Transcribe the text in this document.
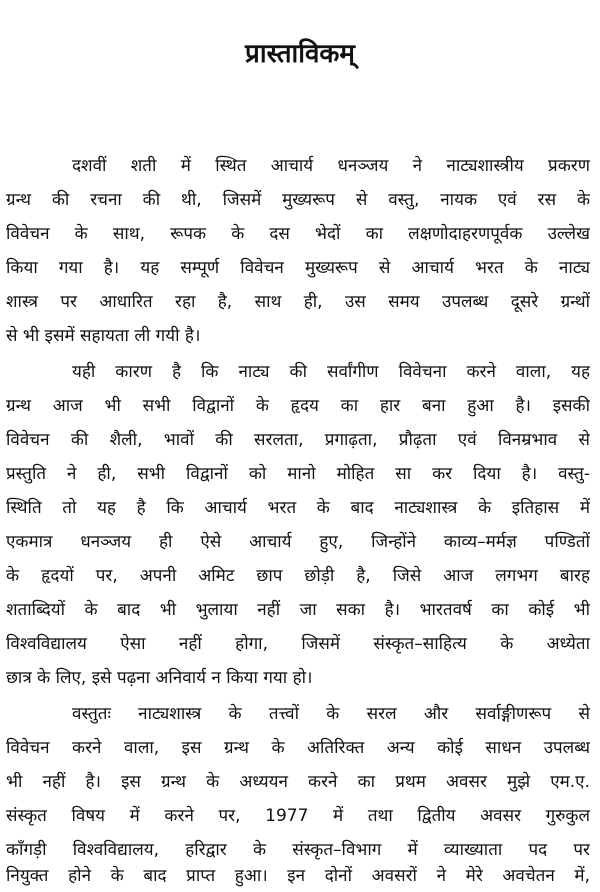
प्रास्ताविकम्
दशवीं शती में स्थित आचार्य धनञ्जय ने नाट्यशास्त्रीय प्रकरण
ग्रन्थ की रचना की थी, जिसमें मुख्यरूप से वस्तु, नायक एवं रस के
विवेचन के साथ, रूपक के दस भेदों का लक्षणोदाहरणपूर्वक उल्लेख
किया गया है। यह सम्पूर्ण विवेचन मुख्यरूप से आचार्य भरत के नाट्य
शास्त्र पर आधारित रहा है, साथ ही, उस समय उपलब्ध दूसरे ग्रन्थों
से भी इसमें सहायता ली गयी है।
यही कारण है कि नाट्य की सर्वांगीण विवेचना करने वाला, यह
ग्रन्थ आज भी सभी विद्वानों के हृदय का हार बना हुआ है। इसकी
विवेचन की शैली, भावों की सरलता, प्रगाढ़ता, प्रौढ़ता एवं विनम्रभाव से
प्रस्तुति ने ही, सभी विद्वानों को मानो मोहित सा कर दिया है। वस्तु-
स्थिति तो यह है कि आचार्य भरत के बाद नाट्यशास्त्र के इतिहास में
एकमात्र धनञ्जय ही ऐसे आचार्य हुए, जिन्होंने काव्य–मर्मज्ञ पण्डितों
के हृदयों पर, अपनी अमिट छाप छोड़ी है, जिसे आज लगभग बारह
शताब्दियों के बाद भी भुलाया नहीं जा सका है। भारतवर्ष का कोई भी
विश्वविद्यालय ऐसा नहीं होगा, जिसमें संस्कृत–साहित्य के अध्येता
छात्र के लिए, इसे पढ़ना अनिवार्य न किया गया हो।
वस्तुतः नाट्यशास्त्र के तत्त्वों के सरल और सर्वाङ्गीणरूप से
विवेचन करने वाला, इस ग्रन्थ के अतिरिक्त अन्य कोई साधन उपलब्ध
भी नहीं है। इस ग्रन्थ के अध्ययन करने का प्रथम अवसर मुझे एम.ए.
संस्कृत विषय में करने पर, 1977 में तथा द्वितीय अवसर गुरुकुल
काँगड़ी विश्वविद्यालय, हरिद्वार के संस्कृत–विभाग में व्याख्याता पद पर
नियुक्त होने के बाद प्राप्त हुआ। इन दोनों अवसरों ने मेरे अवचेतन में,
